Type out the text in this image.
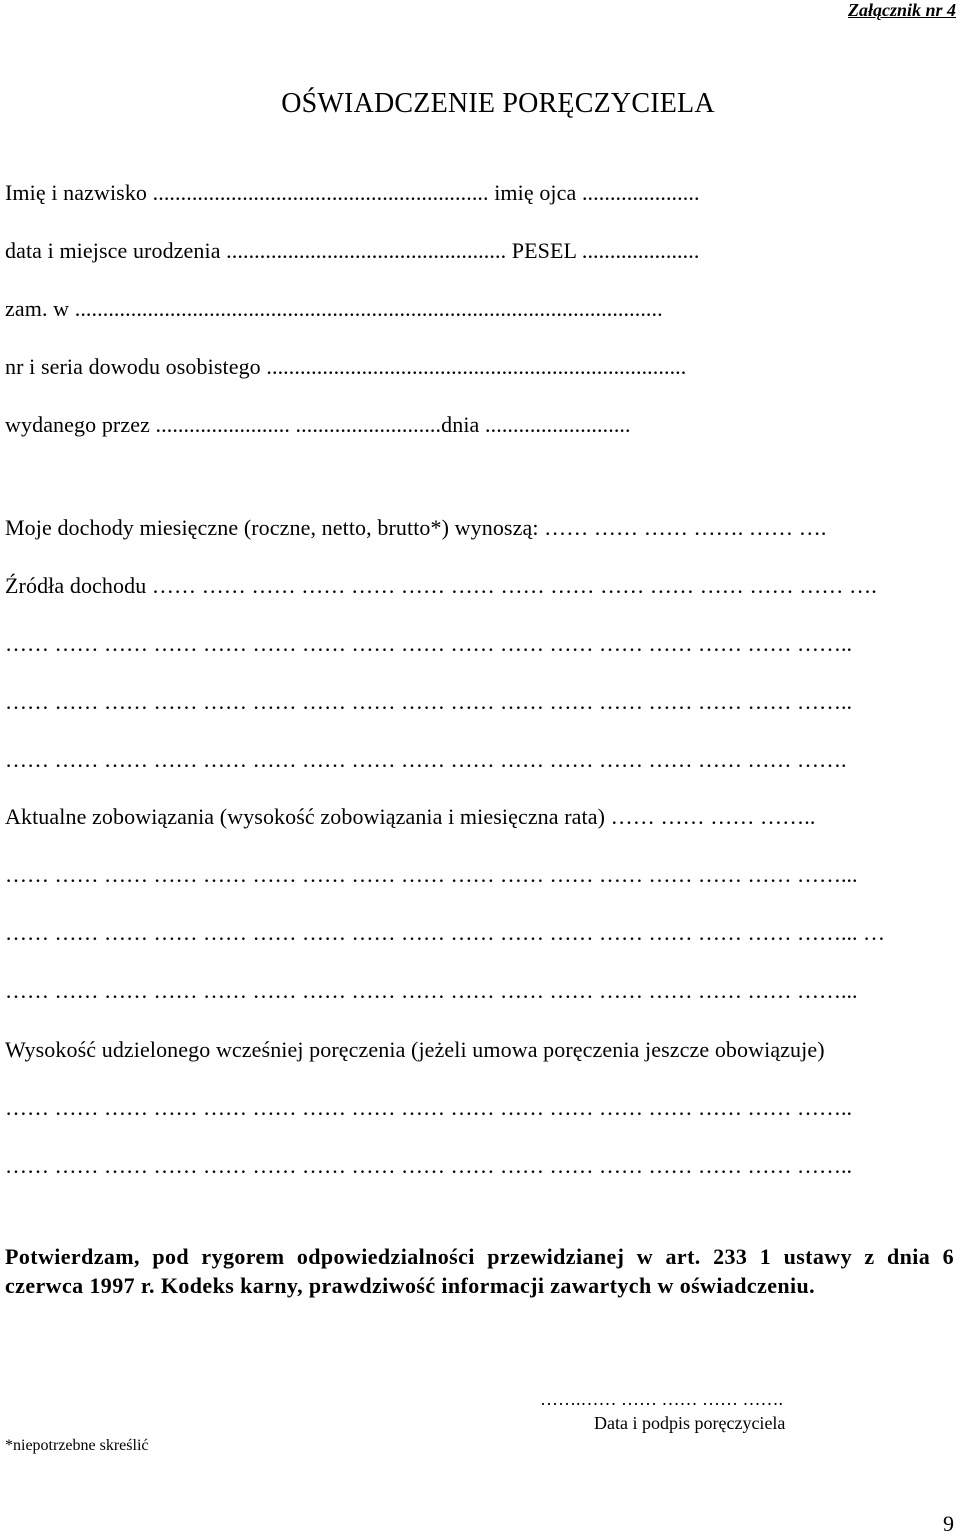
Załącznik nr 4
OŚWIADCZENIE PORĘCZYCIELA
Imię i nazwisko ............................................................ imię ojca .....................
data i miejsce urodzenia .................................................. PESEL .....................
zam. w .........................................................................................................
nr i seria dowodu osobistego ...........................................................................
wydanego przez ........................ ..........................dnia ..........................
Moje dochody miesięczne (roczne, netto, brutto*) wynoszą: …… …… …… ……. …… ….
Źródła dochodu …… …… …… …… …… …… …… …… …… …… …… …… …… …… ….
…… …… …… …… …… …… …… …… …… …… …… …… …… …… …… …… ……..
…… …… …… …… …… …… …… …… …… …… …… …… …… …… …… …… ……..
…… …… …… …… …… …… …… …… …… …… …… …… …… …… …… …… …….
Aktualne zobowiązania (wysokość zobowiązania i miesięczna rata) …… …… …… ……..
…… …… …… …… …… …… …… …… …… …… …… …… …… …… …… …… ……...
…… …… …… …… …… …… …… …… …… …… …… …… …… …… …… …… ……... …
…… …… …… …… …… …… …… …… …… …… …… …… …… …… …… …… ……...
Wysokość udzielonego wcześniej poręczenia (jeżeli umowa poręczenia jeszcze obowiązuje)
…… …… …… …… …… …… …… …… …… …… …… …… …… …… …… …… ……..
…… …… …… …… …… …… …… …… …… …… …… …… …… …… …… …… ……..
Potwierdzam, pod rygorem odpowiedzialności przewidzianej w art. 233 1 ustawy z dnia 6 czerwca 1997 r. Kodeks karny, prawdziwość informacji zawartych w oświadczeniu.
…….…… …… …… …… …….
Data i podpis poręczyciela
*niepotrzebne skreślić
9
